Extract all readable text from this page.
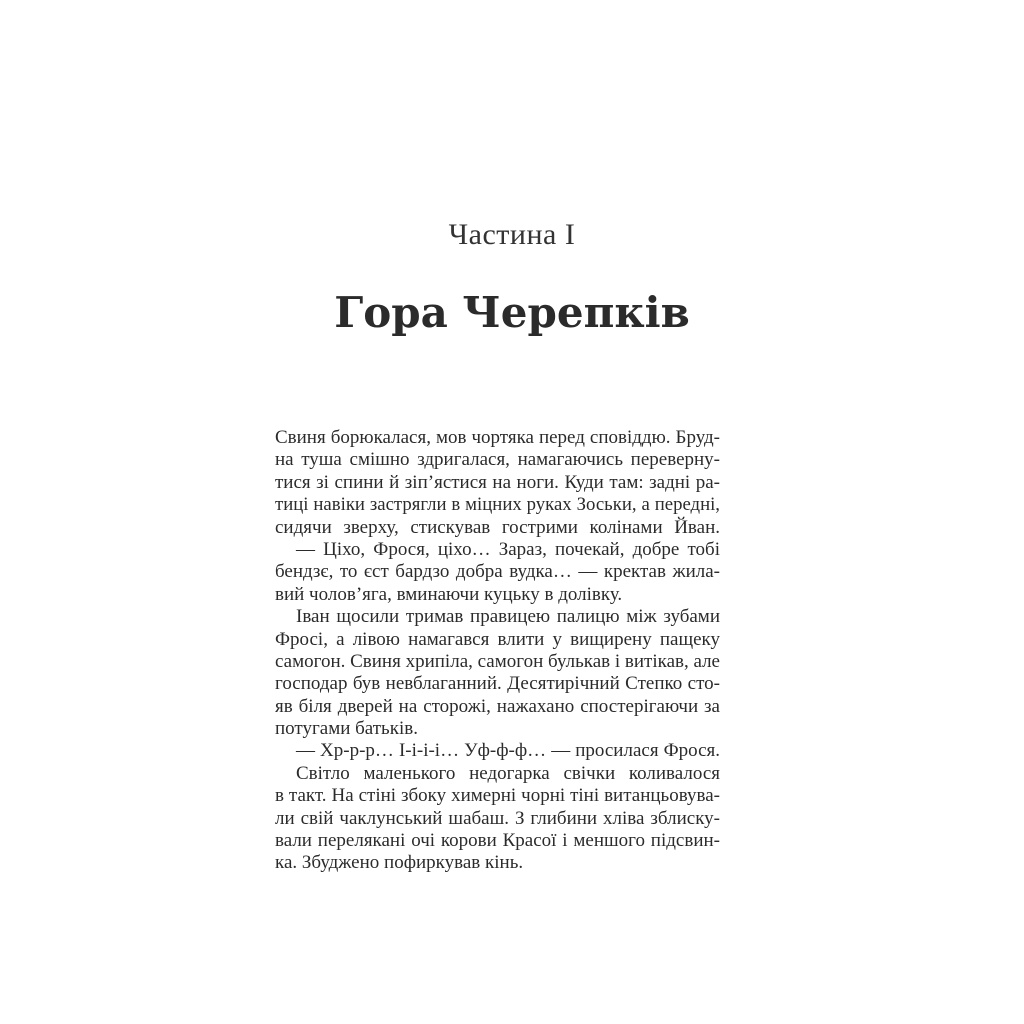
Частина I
Гора Черепків
Свиня борюкалася, мов чортяка перед сповіддю. Бруд-
на туша смішно здригалася, намагаючись переверну-
тися зі спини й зіп’ястися на ноги. Куди там: задні ра-
тиці навіки застрягли в міцних руках Зоськи, а передні,
сидячи зверху, стискував гострими колінами Йван.
— Ціхо, Фрося, ціхо… Зараз, почекай, добре тобі
бендзє, то єст бардзо добра вудка… — кректав жила-
вий чолов’яга, вминаючи куцьку в долівку.
Іван щосили тримав правицею палицю між зубами
Фросі, а лівою намагався влити у вищирену пащеку
самогон. Свиня хрипіла, самогон булькав і витікав, але
господар був невблаганний. Десятирічний Степко сто-
яв біля дверей на сторожі, нажахано спостерігаючи за
потугами батьків.
— Хр-р-р… І-і-і-і… Уф-ф-ф… — просилася Фрося.
Світло маленького недогарка свічки коливалося
в такт. На стіні збоку химерні чорні тіні витанцьовува-
ли свій чаклунський шабаш. З глибини хліва зблиску-
вали перелякані очі корови Красої і меншого підсвин-
ка. Збуджено пофиркував кінь.
